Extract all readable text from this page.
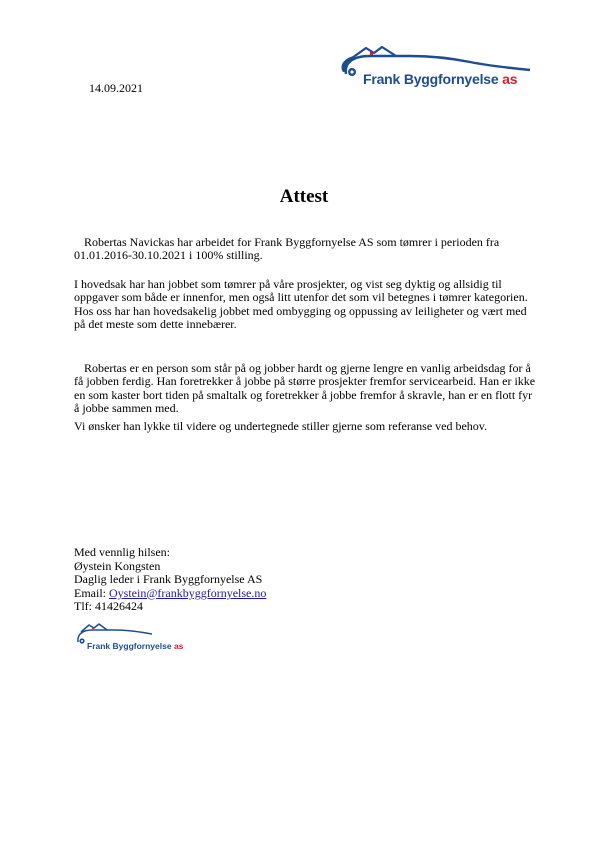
14.09.2021
Frank Byggfornyelse as
Attest
Robertas Navickas har arbeidet for Frank Byggfornyelse AS som tømrer i perioden fra 01.01.2016-30.10.2021 i 100% stilling.
I hovedsak har han jobbet som tømrer på våre prosjekter, og vist seg dyktig og allsidig til oppgaver som både er innenfor, men også litt utenfor det som vil betegnes i tømrer kategorien. Hos oss har han hovedsakelig jobbet med ombygging og oppussing av leiligheter og vært med på det meste som dette innebærer.
Robertas er en person som står på og jobber hardt og gjerne lengre en vanlig arbeidsdag for å få jobben ferdig. Han foretrekker å jobbe på større prosjekter fremfor servicearbeid. Han er ikke en som kaster bort tiden på smaltalk og foretrekker å jobbe fremfor å skravle, han er en flott fyr å jobbe sammen med.
Vi ønsker han lykke til videre og undertegnede stiller gjerne som referanse ved behov.
Med vennlig hilsen:
Øystein Kongsten
Daglig leder i Frank Byggfornyelse AS
Email: Oystein@frankbyggfornyelse.no
Tlf: 41426424
Frank Byggfornyelse as
